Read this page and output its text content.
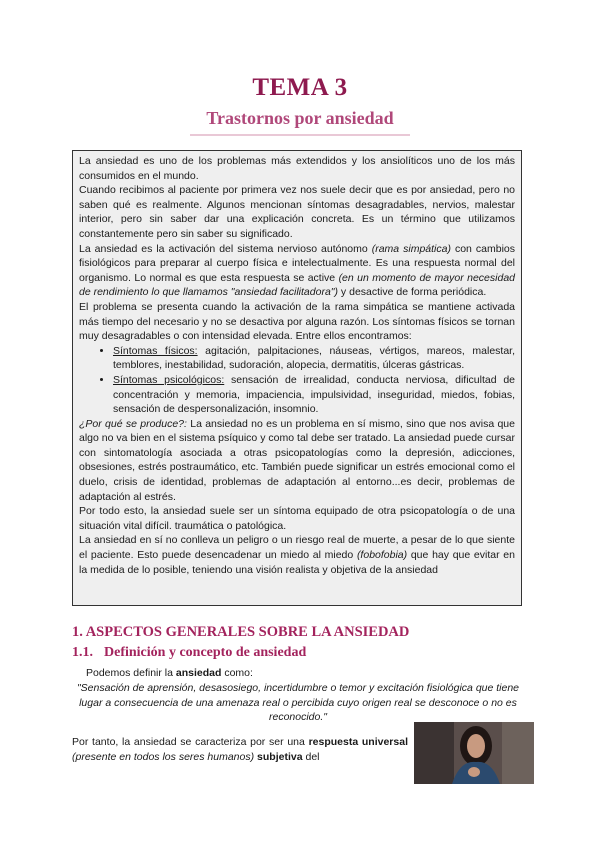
TEMA 3
Trastornos por ansiedad

La ansiedad es uno de los problemas más extendidos y los ansiolíticos uno de los más consumidos en el mundo.

Cuando recibimos al paciente por primera vez nos suele decir que es por ansiedad, pero no saben qué es realmente. Algunos mencionan síntomas desagradables, nervios, malestar interior, pero sin saber dar una explicación concreta. Es un término que utilizamos constantemente pero sin saber su significado.

La ansiedad es la activación del sistema nervioso autónomo (rama simpática) con cambios fisiológicos para preparar al cuerpo física e intelectualmente. Es una respuesta normal del organismo. Lo normal es que esta respuesta se active (en un momento de mayor necesidad de rendimiento lo que llamamos "ansiedad facilitadora") y desactive de forma periódica.

El problema se presenta cuando la activación de la rama simpática se mantiene activada más tiempo del necesario y no se desactiva por alguna razón. Los síntomas físicos se tornan muy desagradables o con intensidad elevada. Entre ellos encontramos:

• Síntomas físicos: agitación, palpitaciones, náuseas, vértigos, mareos, malestar, temblores, inestabilidad, sudoración, alopecia, dermatitis, úlceras gástricas.
• Síntomas psicológicos: sensación de irrealidad, conducta nerviosa, dificultad de concentración y memoria, impaciencia, impulsividad, inseguridad, miedos, fobias, sensación de despersonalización, insomnio.

¿Por qué se produce?: La ansiedad no es un problema en sí mismo, sino que nos avisa que algo no va bien en el sistema psíquico y como tal debe ser tratado. La ansiedad puede cursar con sintomatología asociada a otras psicopatologías como la depresión, adicciones, obsesiones, estrés postraumático, etc. También puede significar un estrés emocional como el duelo, crisis de identidad, problemas de adaptación al entorno...es decir, problemas de adaptación al estrés.

Por todo esto, la ansiedad suele ser un síntoma equipado de otra psicopatología o de una situación vital difícil. traumática o patológica.

La ansiedad en sí no conlleva un peligro o un riesgo real de muerte, a pesar de lo que siente el paciente. Esto puede desencadenar un miedo al miedo (fobofobia) que hay que evitar en la medida de lo posible, teniendo una visión realista y objetiva de la ansiedad

1. ASPECTOS GENERALES SOBRE LA ANSIEDAD
1.1. Definición y concepto de ansiedad
Podemos definir la ansiedad como:
"Sensación de aprensión, desasosiego, incertidumbre o temor y excitación fisiológica que tiene lugar a consecuencia de una amenaza real o percibida cuyo origen real se desconoce o no es reconocido."
Por tanto, la ansiedad se caracteriza por ser una respuesta universal (presente en todos los seres humanos) subjetiva del
